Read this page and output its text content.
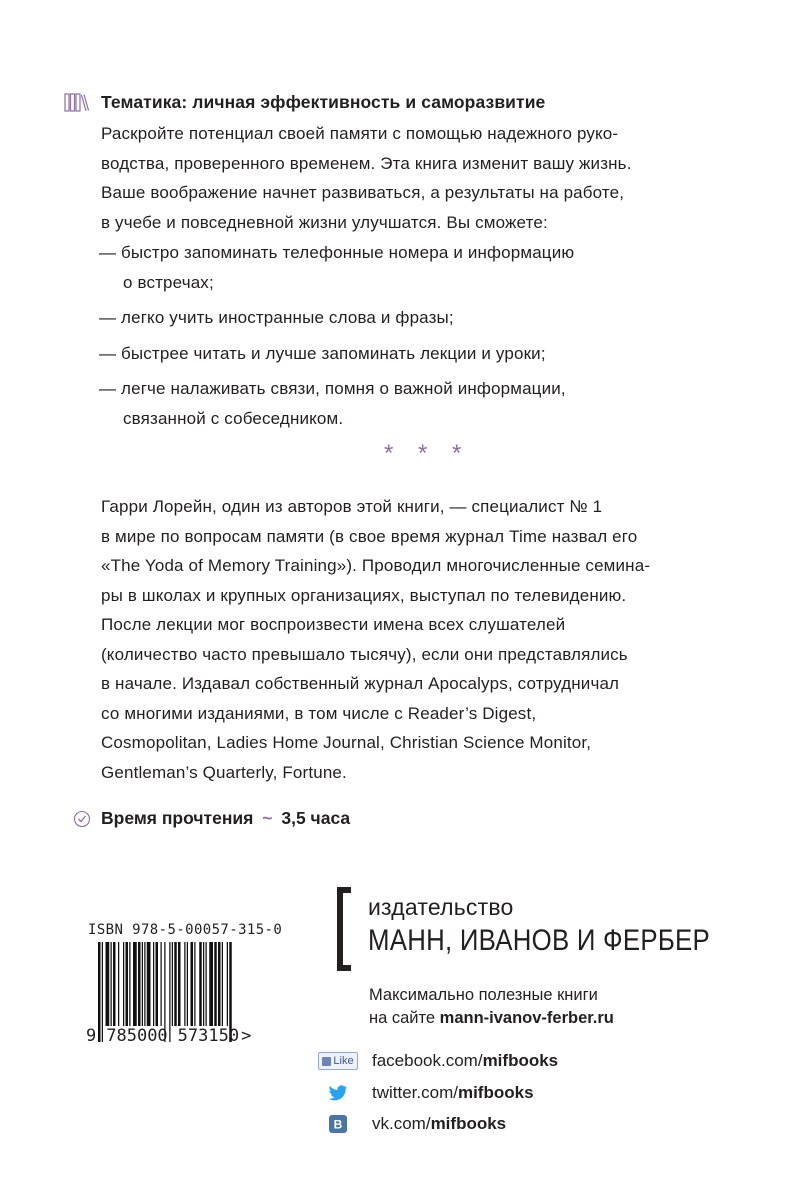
Тематика: личная эффективность и саморазвитие
Раскройте потенциал своей памяти с помощью надежного руко-
водства, проверенного временем. Эта книга изменит вашу жизнь.
Ваше воображение начнет развиваться, а результаты на работе,
в учебе и повседневной жизни улучшатся. Вы сможете:
— быстро запоминать телефонные номера и информацию
о встречах;
— легко учить иностранные слова и фразы;
— быстрее читать и лучше запоминать лекции и уроки;
— легче налаживать связи, помня о важной информации,
связанной с собеседником.
* * *
Гарри Лорейн, один из авторов этой книги, — специалист № 1
в мире по вопросам памяти (в свое время журнал Time назвал его
«The Yoda of Memory Training»). Проводил многочисленные семина-
ры в школах и крупных организациях, выступал по телевидению.
После лекции мог воспроизвести имена всех слушателей
(количество часто превышало тысячу), если они представлялись
в начале. Издавал собственный журнал Apocalyps, сотрудничал
со многими изданиями, в том числе с Reader’s Digest,
Cosmopolitan, Ladies Home Journal, Christian Science Monitor,
Gentleman’s Quarterly, Fortune.
Время прочтения ~ 3,5 часа
ISBN 978-5-00057-315-0
9 785000 573150 >
издательство
МАНН, ИВАНОВ И ФЕРБЕР
Максимально полезные книги
на сайте mann-ivanov-ferber.ru
Like facebook.com/ mifbooks
twitter.com/ mifbooks
B vk.com/ mifbooks
